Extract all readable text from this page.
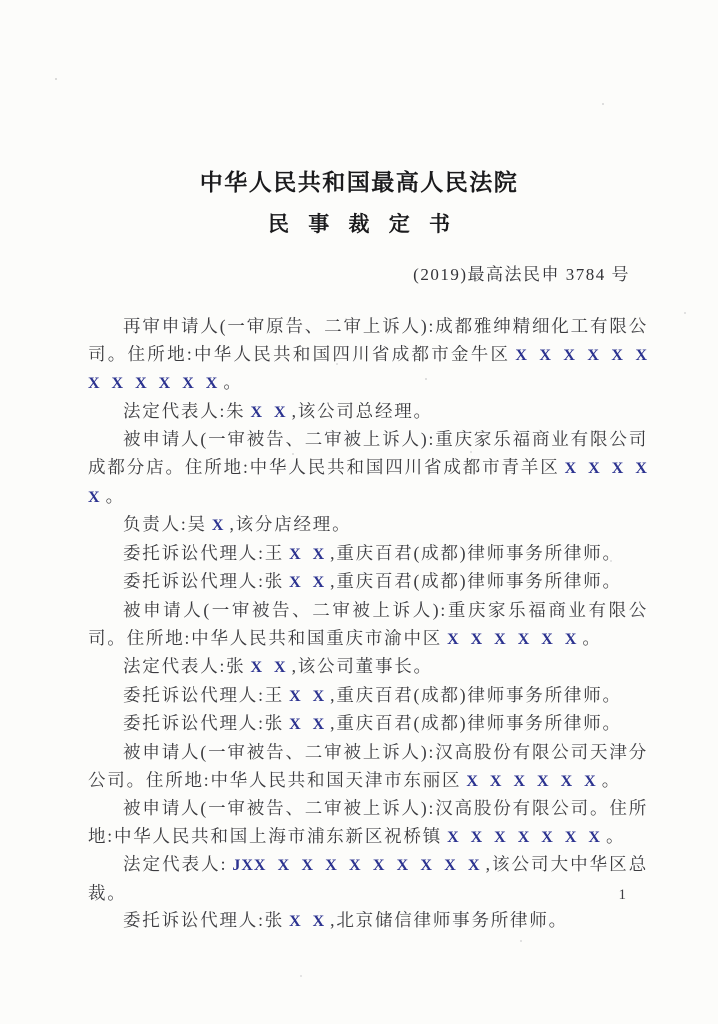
中华人民共和国最高人民法院
民 事 裁 定 书
(2019)最高法民申 3784 号

再审申请人(一审原告、二审上诉人):成都雅绅精细化工有限公司。住所地:中华人民共和国四川省成都市金牛区 X X X X X X X X X X X X 。

法定代表人:朱 X X ,该公司总经理。

被申请人(一审被告、二审被上诉人):重庆家乐福商业有限公司成都分店。住所地:中华人民共和国四川省成都市青羊区 X X X X X 。

负责人:吴 X ,该分店经理。

委托诉讼代理人:王 X X ,重庆百君(成都)律师事务所律师。

委托诉讼代理人:张 X X ,重庆百君(成都)律师事务所律师。

被申请人(一审被告、二审被上诉人):重庆家乐福商业有限公司。住所地:中华人民共和国重庆市渝中区 X X X X X X 。

法定代表人:张 X X ,该公司董事长。

委托诉讼代理人:王 X X ,重庆百君(成都)律师事务所律师。

委托诉讼代理人:张 X X ,重庆百君(成都)律师事务所律师。

被申请人(一审被告、二审被上诉人):汉高股份有限公司天津分公司。住所地:中华人民共和国天津市东丽区 X X X X X X 。

被申请人(一审被告、二审被上诉人):汉高股份有限公司。住所地:中华人民共和国上海市浦东新区祝桥镇 X X X X X X X 。

法定代表人: JXX X X X X X X X X X ,该公司大中华区总裁。

委托诉讼代理人:张 X X ,北京储信律师事务所律师。

1
